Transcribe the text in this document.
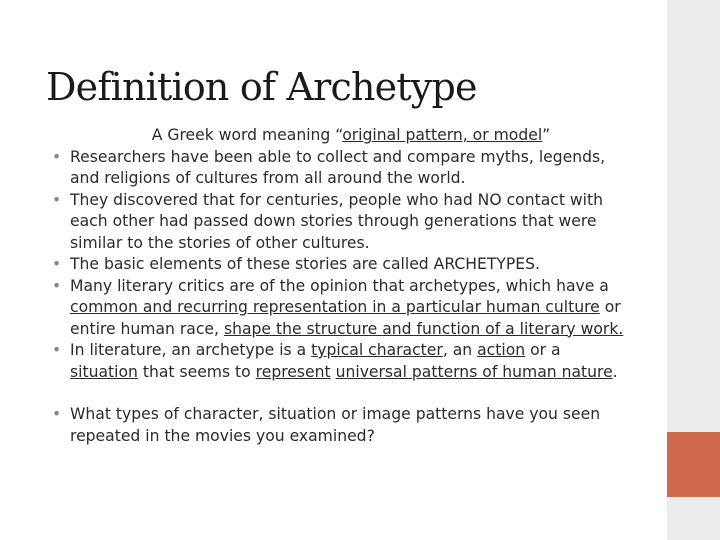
Definition of Archetype

A Greek word meaning “original pattern, or model”

• Researchers have been able to collect and compare myths, legends, and religions of cultures from all around the world.
• They discovered that for centuries, people who had NO contact with each other had passed down stories through generations that were similar to the stories of other cultures.
• The basic elements of these stories are called ARCHETYPES.
• Many literary critics are of the opinion that archetypes, which have a common and recurring representation in a particular human culture or entire human race, shape the structure and function of a literary work.
• In literature, an archetype is a typical character, an action or a situation that seems to represent universal patterns of human nature.
• What types of character, situation or image patterns have you seen repeated in the movies you examined?
